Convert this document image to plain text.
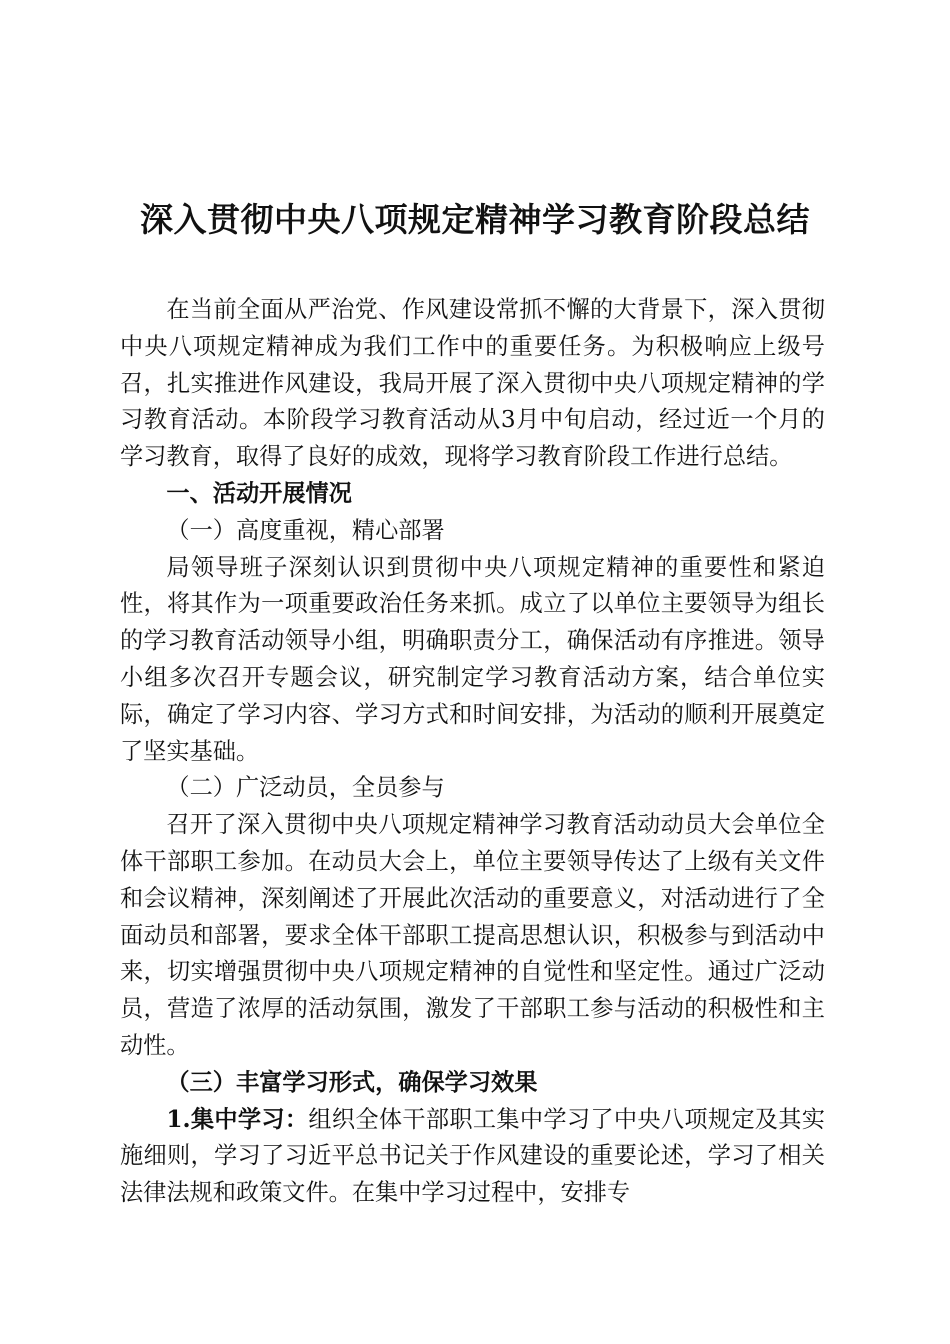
深入贯彻中央八项规定精神学习教育阶段总结

在当前全面从严治党、作风建设常抓不懈的大背景下，深入贯彻中央八项规定精神成为我们工作中的重要任务。为积极响应上级号召，扎实推进作风建设，我局开展了深入贯彻中央八项规定精神的学习教育活动。本阶段学习教育活动从3月中旬启动，经过近一个月的学习教育，取得了良好的成效，现将学习教育阶段工作进行总结。

一、活动开展情况

（一）高度重视，精心部署

局领导班子深刻认识到贯彻中央八项规定精神的重要性和紧迫性，将其作为一项重要政治任务来抓。成立了以单位主要领导为组长的学习教育活动领导小组，明确职责分工，确保活动有序推进。领导小组多次召开专题会议，研究制定学习教育活动方案，结合单位实际，确定了学习内容、学习方式和时间安排，为活动的顺利开展奠定了坚实基础。

（二）广泛动员，全员参与

召开了深入贯彻中央八项规定精神学习教育活动动员大会单位全体干部职工参加。在动员大会上，单位主要领导传达了上级有关文件和会议精神，深刻阐述了开展此次活动的重要意义，对活动进行了全面动员和部署，要求全体干部职工提高思想认识，积极参与到活动中来，切实增强贯彻中央八项规定精神的自觉性和坚定性。通过广泛动员，营造了浓厚的活动氛围，激发了干部职工参与活动的积极性和主动性。

（三）丰富学习形式，确保学习效果

1.集中学习：组织全体干部职工集中学习了中央八项规定及其实施细则，学习了习近平总书记关于作风建设的重要论述，学习了相关法律法规和政策文件。在集中学习过程中，安排专
